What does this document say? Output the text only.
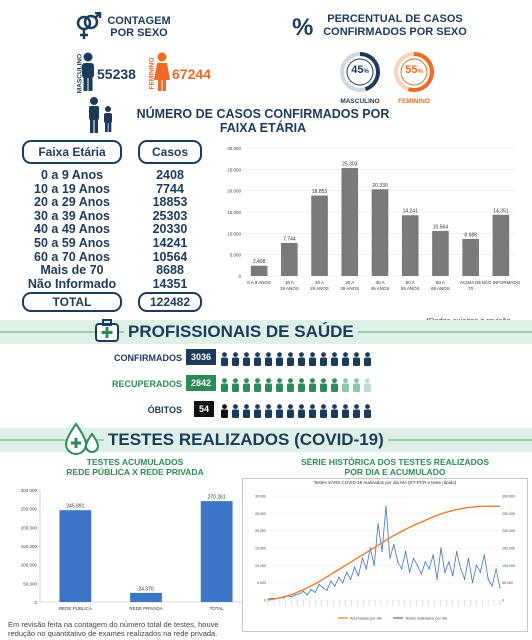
CONTAGEM POR SEXO
MASCULINO 55238 FEMININO 67244
%	PERCENTUAL DE CASOS
CONFIRMADOS POR SEXO
45%
MASCULINO
55%
FEMININO
NÚMERO DE CASOS CONFIRMADOS POR
FAIXA ETÁRIA
Faixa Etária	Casos
0 a 9 Anos	2408
10 a 19 Anos	7744
20 a 29 Anos	18853
30 a 39 Anos	25303
40 a 49 Anos	20330
50 a 59 Anos	14241
60 a 70 Anos	10564
Mais de 70	8688
Não Informado	14351
TOTAL	122482
0
5.000
10.000
15.000
20.000
25.000
30.000
2.408
0 A 9 ANOS
7.744
10 A 19 ANOS
18.853
20 A 29 ANOS
25.303
30 A 39 ANOS
20.330
40 A 49 ANOS
14.241
50 A 59 ANOS
10.564
60 A 69 ANOS
8.688
ACIMA DE 70
14.351
NÃO INFORMADO
PROFISSIONAIS DE SAÚDE
CONFIRMADOS 3036
RECUPERADOS 2842
ÓBITOS	54
TESTES REALIZADOS (COVID-19)
TESTES ACUMULADOS
REDE PÚBLICA X REDE PRIVADA
0
50.000
100.000
150.000
200.000
250.000
300.000
245.891
REDE PÚBLICA
24.370
REDE PRIVADA
270.261
TOTAL
Em revisão feita na contagem do número total de testes, houve
redução no quantitativo de exames realizados na rede privada.
SÉRIE HISTÓRICA DOS TESTES REALIZADOS
POR DIA E ACUMULADO
Testes SARS COVID-19 realizados por dia MA (RT-PCR e teste rápido)
0
5.000
10.000
15.000
20.000
25.000
30.000
0
50.000
100.000
150.000
200.000
250.000
300.000
Acumulado por dia	Testes realizados por dia
